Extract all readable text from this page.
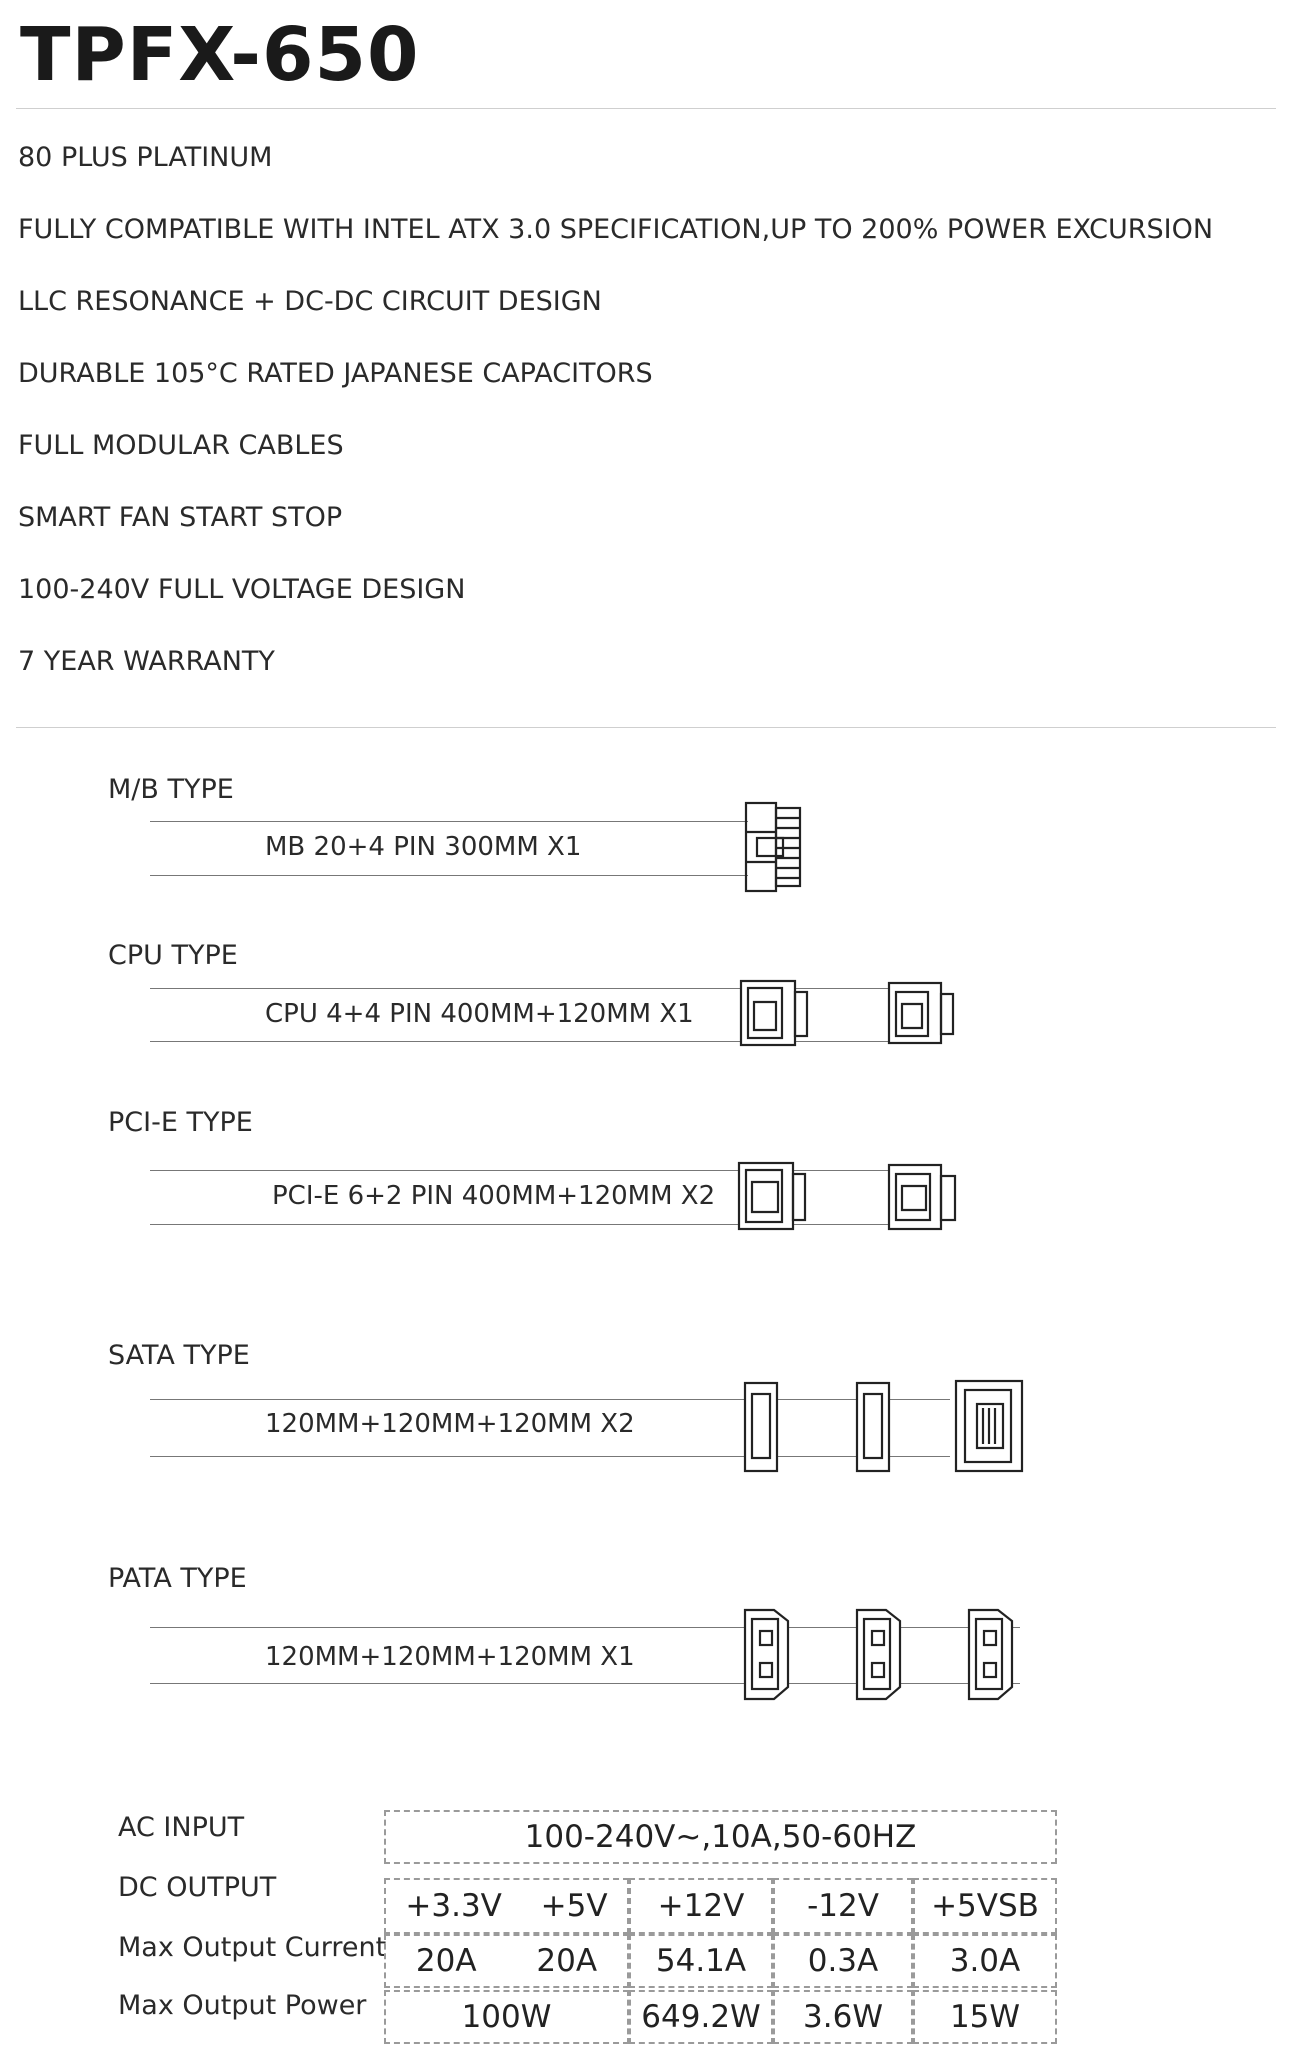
TPFX-650
80 PLUS PLATINUM
FULLY COMPATIBLE WITH INTEL ATX 3.0 SPECIFICATION,UP TO 200% POWER EXCURSION
LLC RESONANCE + DC-DC CIRCUIT DESIGN
DURABLE 105°C RATED JAPANESE CAPACITORS
FULL MODULAR CABLES
SMART FAN START STOP
100-240V FULL VOLTAGE DESIGN
7 YEAR WARRANTY
M/B TYPE
MB 20+4 PIN 300MM X1
CPU TYPE
CPU 4+4 PIN 400MM+120MM X1
PCI-E TYPE
PCI-E 6+2 PIN 400MM+120MM X2
SATA TYPE
120MM+120MM+120MM X2
PATA TYPE
120MM+120MM+120MM X1
AC INPUT
DC OUTPUT
Max Output Current
Max Output Power
100-240V~,10A,50-60HZ
+3.3V +5V +12V -12V +5VSB
20A 20A 54.1A 0.3A 3.0A
100W	649.2W 3.6W 15W
